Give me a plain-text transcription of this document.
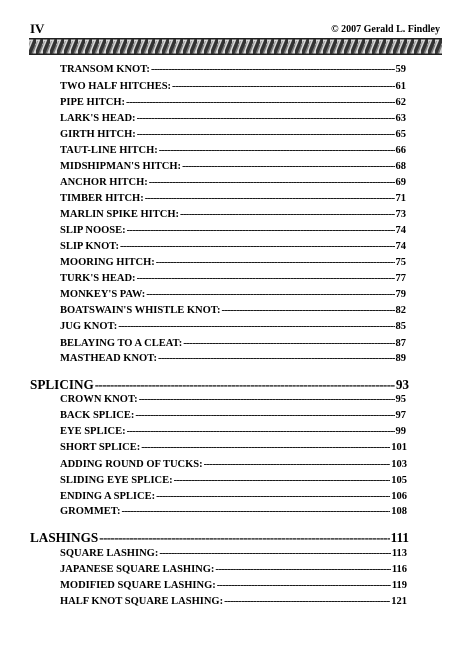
IV	© 2007 Gerald L. Findley
TRANSOM KNOT: -----	59
TWO HALF HITCHES: -----	61
PIPE HITCH: -----	62
LARK'S HEAD: -----	63
GIRTH HITCH: -----	65
TAUT-LINE HITCH: -----	66
MIDSHIPMAN'S HITCH: -----	68
ANCHOR HITCH: -----	69
TIMBER HITCH: -----	71
MARLIN SPIKE HITCH: -----	73
SLIP NOOSE: -----	74
SLIP KNOT: -----	74
MOORING HITCH: -----	75
TURK'S HEAD: -----	77
MONKEY'S PAW: -----	79
BOATSWAIN'S WHISTLE KNOT: -----	82
JUG KNOT: -----	85
BELAYING TO A CLEAT: -----	87
MASTHEAD KNOT: -----	89
SPLICING -----	93
CROWN KNOT: -----	95
BACK SPLICE: -----	97
EYE SPLICE: -----	99
SHORT SPLICE: -----	101
ADDING ROUND OF TUCKS: -----	103
SLIDING EYE SPLICE: -----	105
ENDING A SPLICE: -----	106
GROMMET: -----	108
LASHINGS -----	111
SQUARE LASHING: -----	113
JAPANESE SQUARE LASHING: -----	116
MODIFIED SQUARE LASHING: -----	119
HALF KNOT SQUARE LASHING: -----	121
